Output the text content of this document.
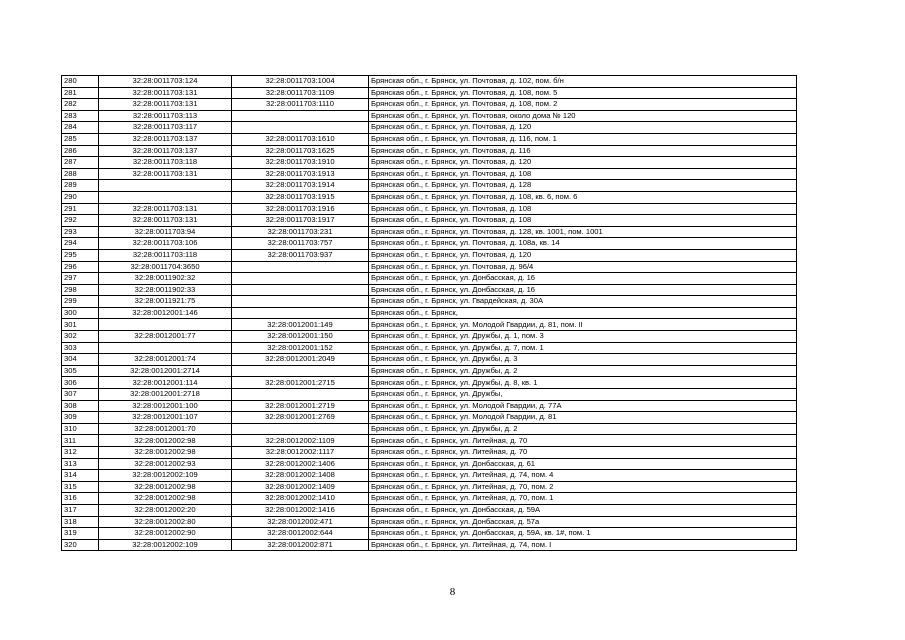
280	32:28:0011703:124	32:28:0011703:1004	Брянская обл., г. Брянск, ул. Почтовая, д. 102, пом. б/н
281	32:28:0011703:131	32:28:0011703:1109	Брянская обл., г. Брянск, ул. Почтовая, д. 108, пом. 5
282	32:28:0011703:131	32:28:0011703:1110	Брянская обл., г. Брянск, ул. Почтовая, д. 108, пом. 2
283	32:28:0011703:113		Брянская обл., г. Брянск, ул. Почтовая, около дома № 120
284	32:28:0011703:117		Брянская обл., г. Брянск, ул. Почтовая, д. 120
285	32:28:0011703:137	32:28:0011703:1610	Брянская обл., г. Брянск, ул. Почтовая, д. 116, пом. 1
286	32:28:0011703:137	32:28:0011703:1625	Брянская обл., г. Брянск, ул. Почтовая, д. 116
287	32:28:0011703:118	32:28:0011703:1910	Брянская обл., г. Брянск, ул. Почтовая, д. 120
288	32:28:0011703:131	32:28:0011703:1913	Брянская обл., г. Брянск, ул. Почтовая, д. 108
289		32:28:0011703:1914	Брянская обл., г. Брянск, ул. Почтовая, д. 128
290		32:28:0011703:1915	Брянская обл., г. Брянск, ул. Почтовая, д. 108, кв. 6, пом. 6
291	32:28:0011703:131	32:28:0011703:1916	Брянская обл., г. Брянск, ул. Почтовая, д. 108
292	32:28:0011703:131	32:28:0011703:1917	Брянская обл., г. Брянск, ул. Почтовая, д. 108
293	32:28:0011703:94	32:28:0011703:231	Брянская обл., г. Брянск, ул. Почтовая, д. 128, кв. 1001, пом. 1001
294	32:28:0011703:106	32:28:0011703:757	Брянская обл., г. Брянск, ул. Почтовая, д. 108а, кв. 14
295	32:28:0011703:118	32:28:0011703:937	Брянская обл., г. Брянск, ул. Почтовая, д. 120
296	32:28:0011704:3650		Брянская обл., г. Брянск, ул. Почтовая, д. 96/4
297	32:28:0011902:32		Брянская обл., г. Брянск, ул. Донбасская, д. 16
298	32:28:0011902:33		Брянская обл., г. Брянск, ул. Донбасская, д. 16
299	32:28:0011921:75		Брянская обл., г. Брянск, ул. Гвардейская, д. 30А
300	32:28:0012001:146		Брянская обл., г. Брянск,
301		32:28:0012001:149	Брянская обл., г. Брянск, ул. Молодой Гвардии, д. 81, пом. II
302	32:28:0012001:77	32:28:0012001:150	Брянская обл., г. Брянск, ул. Дружбы, д. 1, пом. 3
303		32:28:0012001:152	Брянская обл., г. Брянск, ул. Дружбы, д. 7, пом. 1
304	32:28:0012001:74	32:28:0012001:2049	Брянская обл., г. Брянск, ул. Дружбы, д. 3
305	32:28:0012001:2714		Брянская обл., г. Брянск, ул. Дружбы, д. 2
306	32:28:0012001:114	32:28:0012001:2715	Брянская обл., г. Брянск, ул. Дружбы, д. 8, кв. 1
307	32:28:0012001:2718		Брянская обл., г. Брянск, ул. Дружбы,
308	32:28:0012001:100	32:28:0012001:2719	Брянская обл., г. Брянск, ул. Молодой Гвардии, д. 77А
309	32:28:0012001:107	32:28:0012001:2769	Брянская обл., г. Брянск, ул. Молодой Гвардии, д. 81
310	32:28:0012001:70		Брянская обл., г. Брянск, ул. Дружбы, д. 2
311	32:28:0012002:98	32:28:0012002:1109	Брянская обл., г. Брянск, ул. Литейная, д. 70
312	32:28:0012002:98	32:28:0012002:1117	Брянская обл., г. Брянск, ул. Литейная, д. 70
313	32:28:0012002:93	32:28:0012002:1406	Брянская обл., г. Брянск, ул. Донбасская, д. 61
314	32:28:0012002:109	32:28:0012002:1408	Брянская обл., г. Брянск, ул. Литейная, д. 74, пом. 4
315	32:28:0012002:98	32:28:0012002:1409	Брянская обл., г. Брянск, ул. Литейная, д. 70, пом. 2
316	32:28:0012002:98	32:28:0012002:1410	Брянская обл., г. Брянск, ул. Литейная, д. 70, пом. 1
317	32:28:0012002:20	32:28:0012002:1416	Брянская обл., г. Брянск, ул. Донбасская, д. 59А
318	32:28:0012002:80	32:28:0012002:471	Брянская обл., г. Брянск, ул. Донбасская, д. 57а
319	32:28:0012002:90	32:28:0012002:644	Брянская обл., г. Брянск, ул. Донбасская, д. 59А, кв. 1#, пом. 1
320	32:28:0012002:109	32:28:0012002:871	Брянская обл., г. Брянск, ул. Литейная, д. 74, пом. I
8
